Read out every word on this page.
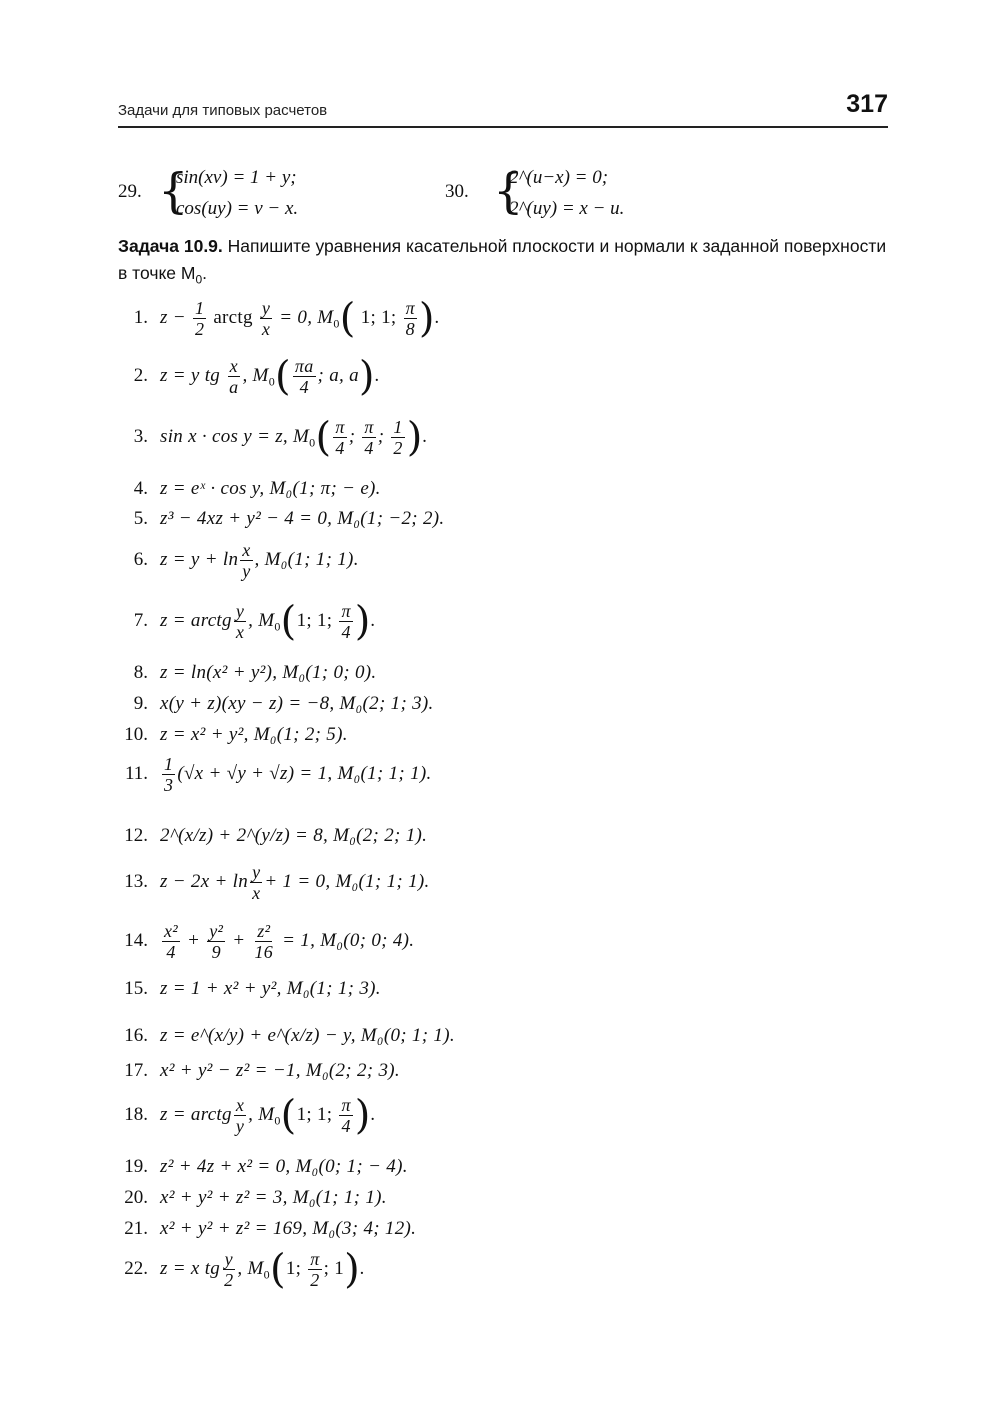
Задачи для типовых расчетов	317
29. {
sin(xv) = 1 + y;
cos(uy) = v − x.
30. {
2^(u−x) = 0;
2^(uy) = x − u.
Задача 10.9. Напишите уравнения касательной плоскости и нормали к заданной поверхности в точке $M_0$.
1. $z - \frac{1}{2}$ arctg $\frac{y}{x} = 0$, $M_0$( 1; 1; $\frac{\pi}{8}$ ).
2. z = y tg $\frac{x}{a}$ , $M_0( \frac{\pi a}{4}$ ; a, a).
3. sin x · cos y = z, $M_0( \frac{\pi}{4}$ ; $\frac{\pi}{4}$ ; $\frac{1}{2}$ ).
4. z = eˣ · cos y, M₀(1; π; − e).
5. z³ − 4xz + y² − 4 = 0, M₀(1; −2; 2).
6. $z = y + \ln \frac{x}{y}$ , M₀(1; 1; 1).
7. z = arctg $\frac{y}{x}$ , $M_0(1$; 1; $\frac{\pi}{4}$ ).
8. z = ln(x² + y²), M₀(1; 0; 0).
9. x(y + z)(xy − z) = −8, M₀(2; 1; 3).
10. z = x² + y², M₀(1; 2; 5).
11. $\frac{1}{3} (√x + √y + √z) = 1$, M₀(1; 1; 1).
12. 2^(x/z) + 2^(y/z) = 8, M₀(2; 2; 1).
13. $z - 2x + \ln \frac{y}{x} + 1 = 0$, M₀(1; 1; 1).
14. $\frac{\text{x²}}{4} + \frac{\text{y²}}{9} + \frac{\text{z²}}{16} = 1$, M₀(0; 0; 4).
15. z = 1 + x² + y², M₀(1; 1; 3).
16. z = e^(x/y) + e^(x/z) − y, M₀(0; 1; 1).
17. x² + y² − z² = −1, M₀(2; 2; 3).
18. z = arctg $\frac{x}{y}$ , $M_0(1$; 1; $\frac{\pi}{4}$ ).
19. z² + 4z + x² = 0, M₀(0; 1; − 4).
20. x² + y² + z² = 3, M₀(1; 1; 1).
21. x² + y² + z² = 169, M₀(3; 4; 12).
22. z = x tg $\frac{y}{2}$ , $M_0(1$; $\frac{\pi}{2}$ ; 1).
